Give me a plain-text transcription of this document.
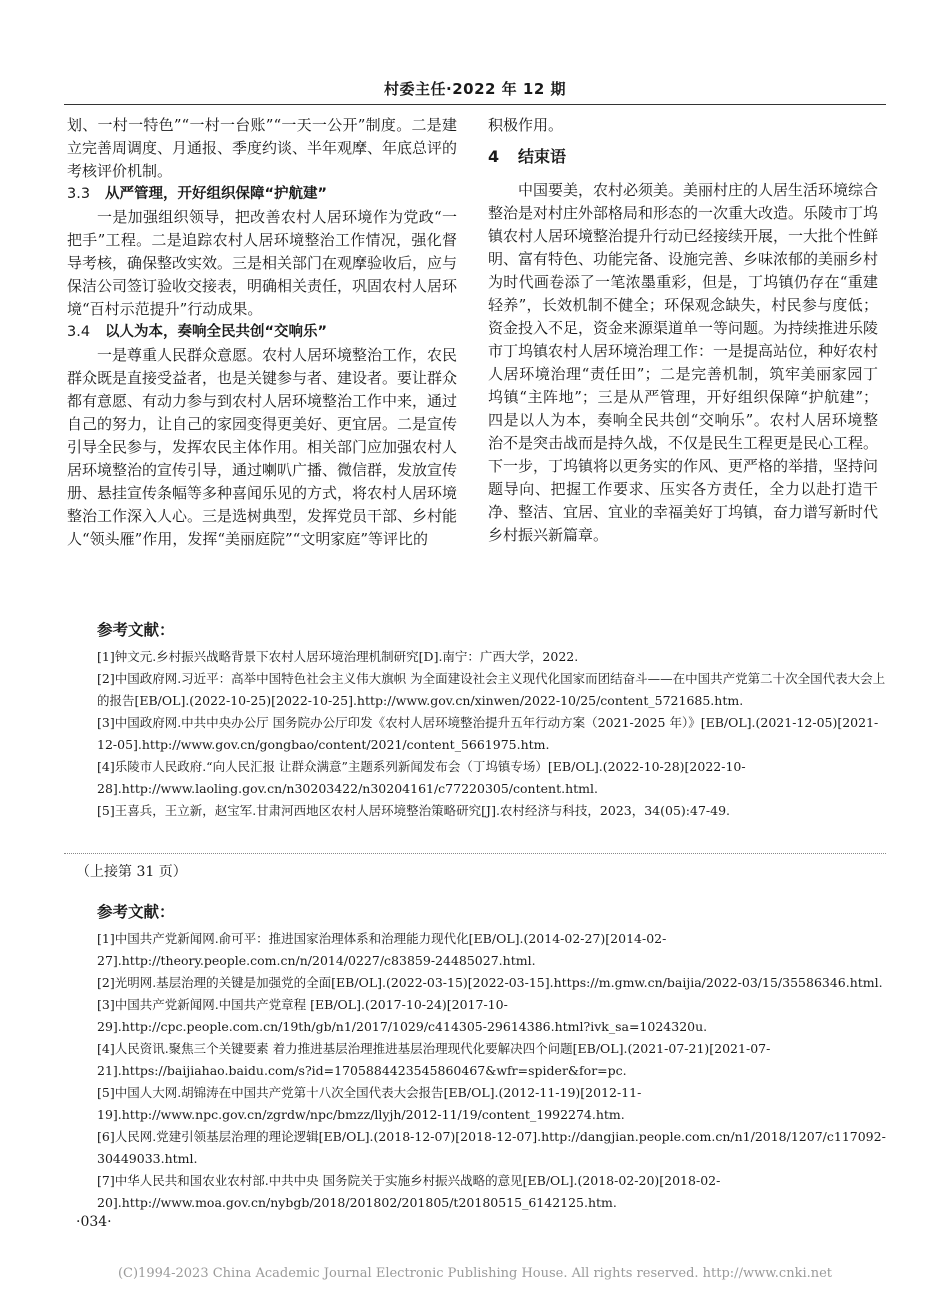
村委主任·2022 年 12 期

划、一村一特色”“一村一台账”“一天一公开”制度。二是建立完善周调度、月通报、季度约谈、半年观摩、年底总评的考核评价机制。

3.3 从严管理，开好组织保障“护航建”

一是加强组织领导，把改善农村人居环境作为党政“一把手”工程。二是追踪农村人居环境整治工作情况，强化督导考核，确保整改实效。三是相关部门在观摩验收后，应与保洁公司签订验收交接表，明确相关责任，巩固农村人居环境“百村示范提升”行动成果。

3.4 以人为本，奏响全民共创“交响乐”

一是尊重人民群众意愿。农村人居环境整治工作，农民群众既是直接受益者，也是关键参与者、建设者。要让群众都有意愿、有动力参与到农村人居环境整治工作中来，通过自己的努力，让自己的家园变得更美好、更宜居。二是宣传引导全民参与，发挥农民主体作用。相关部门应加强农村人居环境整治的宣传引导，通过喇叭广播、微信群，发放宣传册、悬挂宣传条幅等多种喜闻乐见的方式，将农村人居环境整治工作深入人心。三是选树典型，发挥党员干部、乡村能人“领头雁”作用，发挥“美丽庭院”“文明家庭”等评比的

积极作用。

4 结束语

中国要美，农村必须美。美丽村庄的人居生活环境综合整治是对村庄外部格局和形态的一次重大改造。乐陵市丁坞镇农村人居环境整治提升行动已经接续开展，一大批个性鲜明、富有特色、功能完备、设施完善、乡味浓郁的美丽乡村为时代画卷添了一笔浓墨重彩，但是，丁坞镇仍存在“重建轻养”，长效机制不健全；环保观念缺失，村民参与度低；资金投入不足，资金来源渠道单一等问题。为持续推进乐陵市丁坞镇农村人居环境治理工作：一是提高站位，种好农村人居环境治理“责任田”；二是完善机制，筑牢美丽家园丁坞镇“主阵地”；三是从严管理，开好组织保障“护航建”；四是以人为本，奏响全民共创“交响乐”。农村人居环境整治不是突击战而是持久战，不仅是民生工程更是民心工程。下一步，丁坞镇将以更务实的作风、更严格的举措，坚持问题导向、把握工作要求、压实各方责任，全力以赴打造干净、整洁、宜居、宜业的幸福美好丁坞镇，奋力谱写新时代乡村振兴新篇章。

参考文献：

[1]钟文元.乡村振兴战略背景下农村人居环境治理机制研究[D].南宁：广西大学，2022.

[2]中国政府网.习近平：高举中国特色社会主义伟大旗帜 为全面建设社会主义现代化国家而团结奋斗——在中国共产党第二十次全国代表大会上的报告[EB/OL].(2022-10-25)[2022-10-25].http://www.gov.cn/xinwen/2022-10/25/content_5721685.htm.

[3]中国政府网.中共中央办公厅 国务院办公厅印发《农村人居环境整治提升五年行动方案（2021-2025 年）》[EB/OL].(2021-12-05)[2021-12-05].http://www.gov.cn/gongbao/content/2021/content_5661975.htm.

[4]乐陵市人民政府.“向人民汇报 让群众满意”主题系列新闻发布会（丁坞镇专场）[EB/OL].(2022-10-28)[2022-10-28].http://www.laoling.gov.cn/n30203422/n30204161/c77220305/content.html.

[5]王喜兵，王立新，赵宝军.甘肃河西地区农村人居环境整治策略研究[J].农村经济与科技，2023，34(05):47-49.

（上接第 31 页）
参考文献：

[1]中国共产党新闻网.俞可平：推进国家治理体系和治理能力现代化[EB/OL].(2014-02-27)[2014-02-27].http://theory.people.com.cn/n/2014/0227/c83859-24485027.html.

[2]光明网.基层治理的关键是加强党的全面[EB/OL].(2022-03-15)[2022-03-15].https://m.gmw.cn/baijia/2022-03/15/35586346.html.

[3]中国共产党新闻网.中国共产党章程 [EB/OL].(2017-10-24)[2017-10-29].http://cpc.people.com.cn/19th/gb/n1/2017/1029/c414305-29614386.html?ivk_sa=1024320u.

[4]人民资讯.聚焦三个关键要素 着力推进基层治理推进基层治理现代化要解决四个问题[EB/OL].(2021-07-21)[2021-07-21].https://baijiahao.baidu.com/s?id=1705884423545860467&wfr=spider&for=pc.

[5]中国人大网.胡锦涛在中国共产党第十八次全国代表大会报告[EB/OL].(2012-11-19)[2012-11-19].http://www.npc.gov.cn/zgrdw/npc/bmzz/llyjh/2012-11/19/content_1992274.htm.

[6]人民网.党建引领基层治理的理论逻辑[EB/OL].(2018-12-07)[2018-12-07].http://dangjian.people.com.cn/n1/2018/1207/c117092-30449033.html.

[7]中华人民共和国农业农村部.中共中央 国务院关于实施乡村振兴战略的意见[EB/OL].(2018-02-20)[2018-02-20].http://www.moa.gov.cn/nybgb/2018/201802/201805/t20180515_6142125.htm.

·034·
(C)1994-2023 China Academic Journal Electronic Publishing House. All rights reserved. http://www.cnki.net
